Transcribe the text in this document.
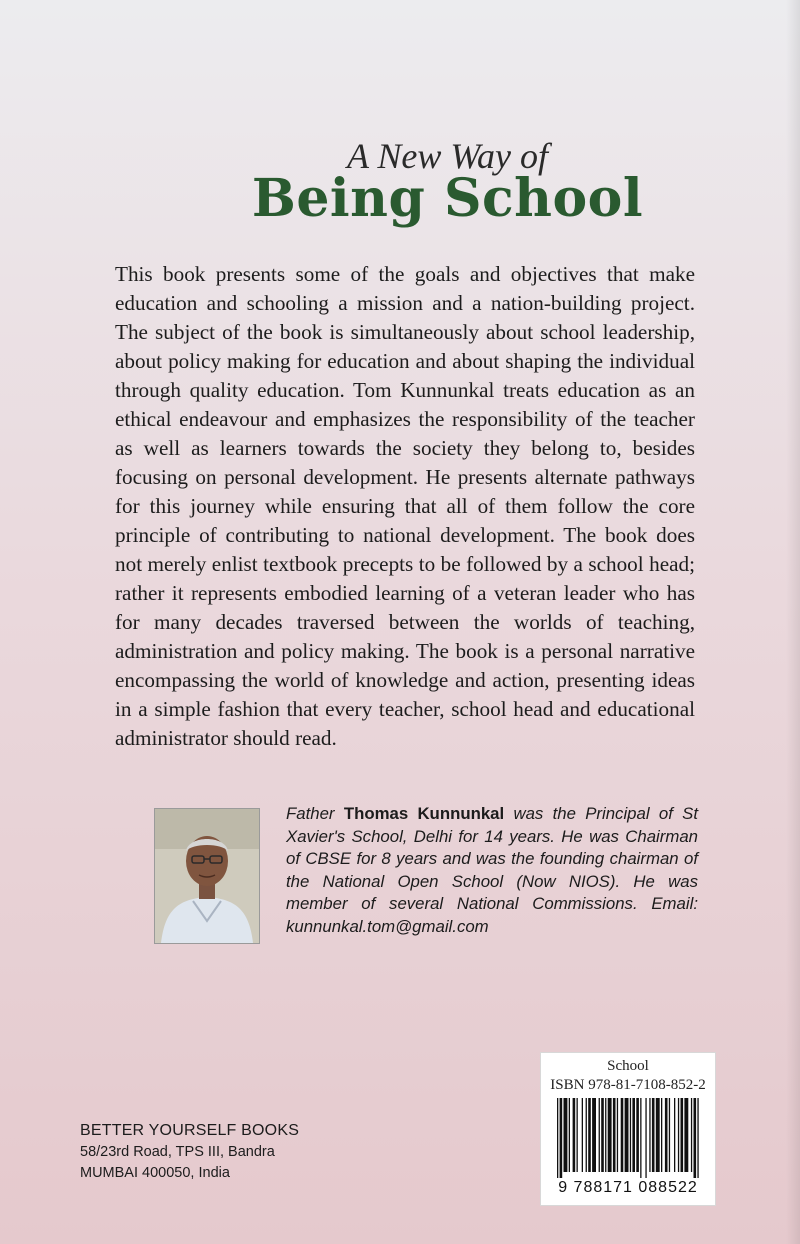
A New Way of
Being School

This book presents some of the goals and objectives that make education and schooling a mission and a nation-building project. The subject of the book is simultaneously about school leadership, about policy making for education and about shaping the individual through quality education. Tom Kunnunkal treats education as an ethical endeavour and emphasizes the responsibility of the teacher as well as learners towards the society they belong to, besides focusing on personal development. He presents alternate pathways for this journey while ensuring that all of them follow the core principle of contributing to national development. The book does not merely enlist textbook precepts to be followed by a school head; rather it represents embodied learning of a veteran leader who has for many decades traversed between the worlds of teaching, administration and policy making. The book is a personal narrative encompassing the world of knowledge and action, presenting ideas in a simple fashion that every teacher, school head and educational administrator should read.

Father Thomas Kunnunkal was the Principal of St Xavier's School, Delhi for 14 years. He was Chairman of CBSE for 8 years and was the founding chairman of the National Open School (Now NIOS). He was member of several National Commissions. Email: kunnunkal.tom@gmail.com

BETTER YOURSELF BOOKS
58/23rd Road, TPS III, Bandra
MUMBAI 400050, India
School
ISBN 978-81-7108-852-2
9 788171 088522
